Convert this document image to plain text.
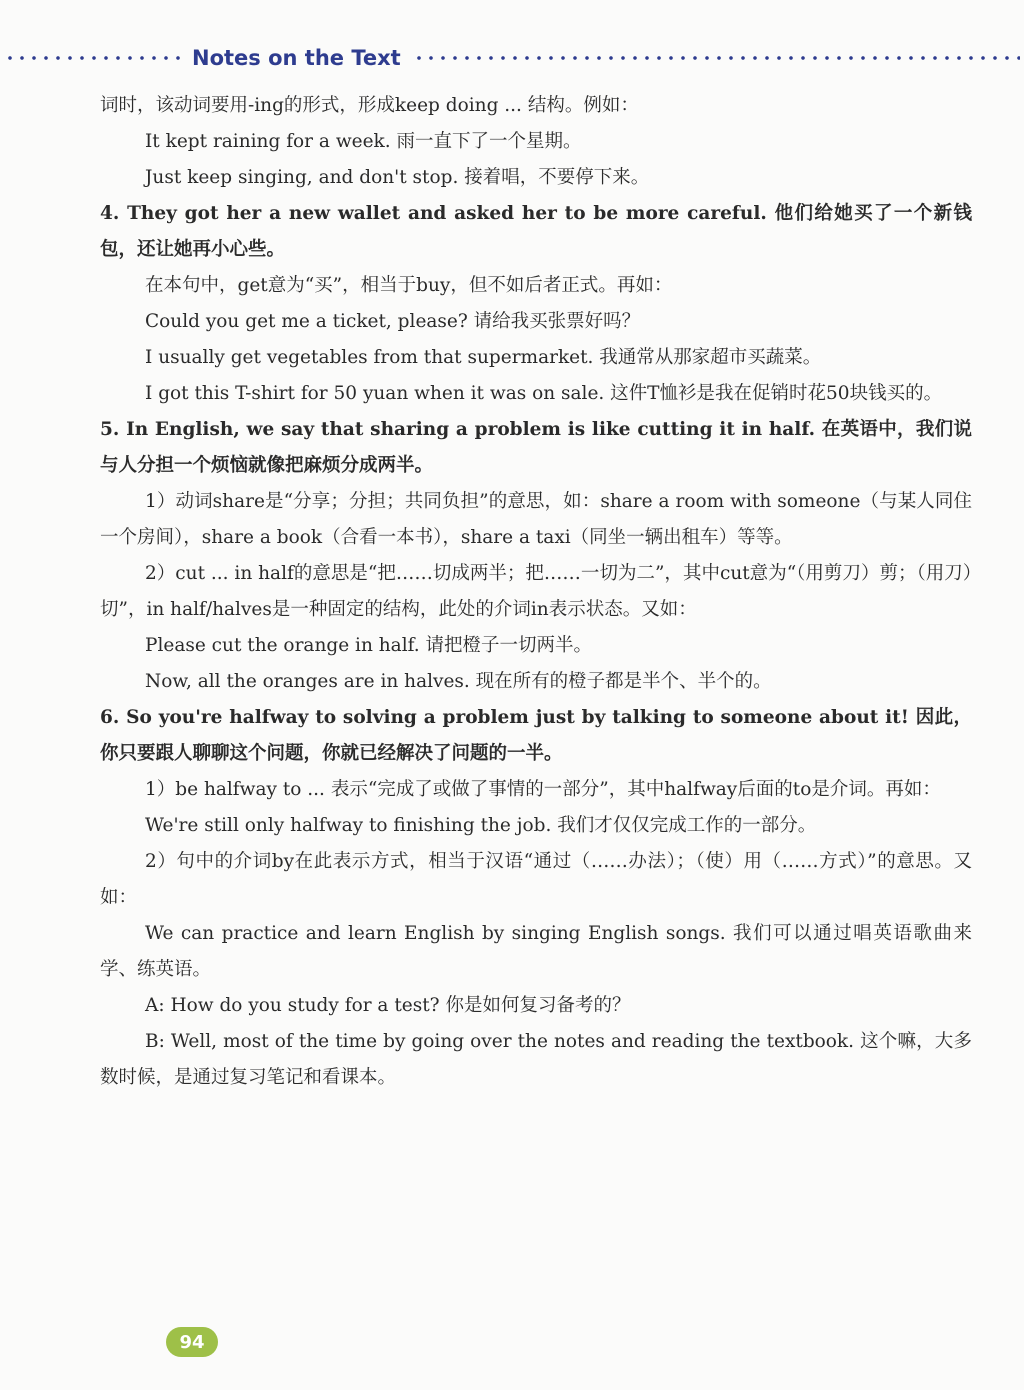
Notes on the Text

词时，该动词要用-ing的形式，形成keep doing ... 结构。例如：

It kept raining for a week. 雨一直下了一个星期。

Just keep singing, and don't stop. 接着唱，不要停下来。

4. They got her a new wallet and asked her to be more careful. 他们给她买了一个新钱包，还让她再小心些。

在本句中，get意为“买”，相当于buy，但不如后者正式。再如：

Could you get me a ticket, please? 请给我买张票好吗？

I usually get vegetables from that supermarket. 我通常从那家超市买蔬菜。

I got this T-shirt for 50 yuan when it was on sale. 这件T恤衫是我在促销时花50块钱买的。

5. In English, we say that sharing a problem is like cutting it in half. 在英语中，我们说与人分担一个烦恼就像把麻烦分成两半。

1）动词share是“分享；分担；共同负担”的意思，如：share a room with someone（与某人同住一个房间），share a book（合看一本书），share a taxi（同坐一辆出租车）等等。

2）cut ... in half的意思是“把……切成两半；把……一切为二”，其中cut意为“（用剪刀）剪；（用刀）切”，in half/halves是一种固定的结构，此处的介词in表示状态。又如：

Please cut the orange in half. 请把橙子一切两半。

Now, all the oranges are in halves. 现在所有的橙子都是半个、半个的。

6. So you're halfway to solving a problem just by talking to someone about it! 因此，你只要跟人聊聊这个问题，你就已经解决了问题的一半。

1）be halfway to ... 表示“完成了或做了事情的一部分”，其中halfway后面的to是介词。再如：

We're still only halfway to finishing the job. 我们才仅仅完成工作的一部分。

2）句中的介词by在此表示方式，相当于汉语“通过（……办法）；（使）用（……方式）”的意思。又如：

We can practice and learn English by singing English songs. 我们可以通过唱英语歌曲来学、练英语。

A: How do you study for a test? 你是如何复习备考的？

B: Well, most of the time by going over the notes and reading the textbook. 这个嘛，大多数时候，是通过复习笔记和看课本。

94
